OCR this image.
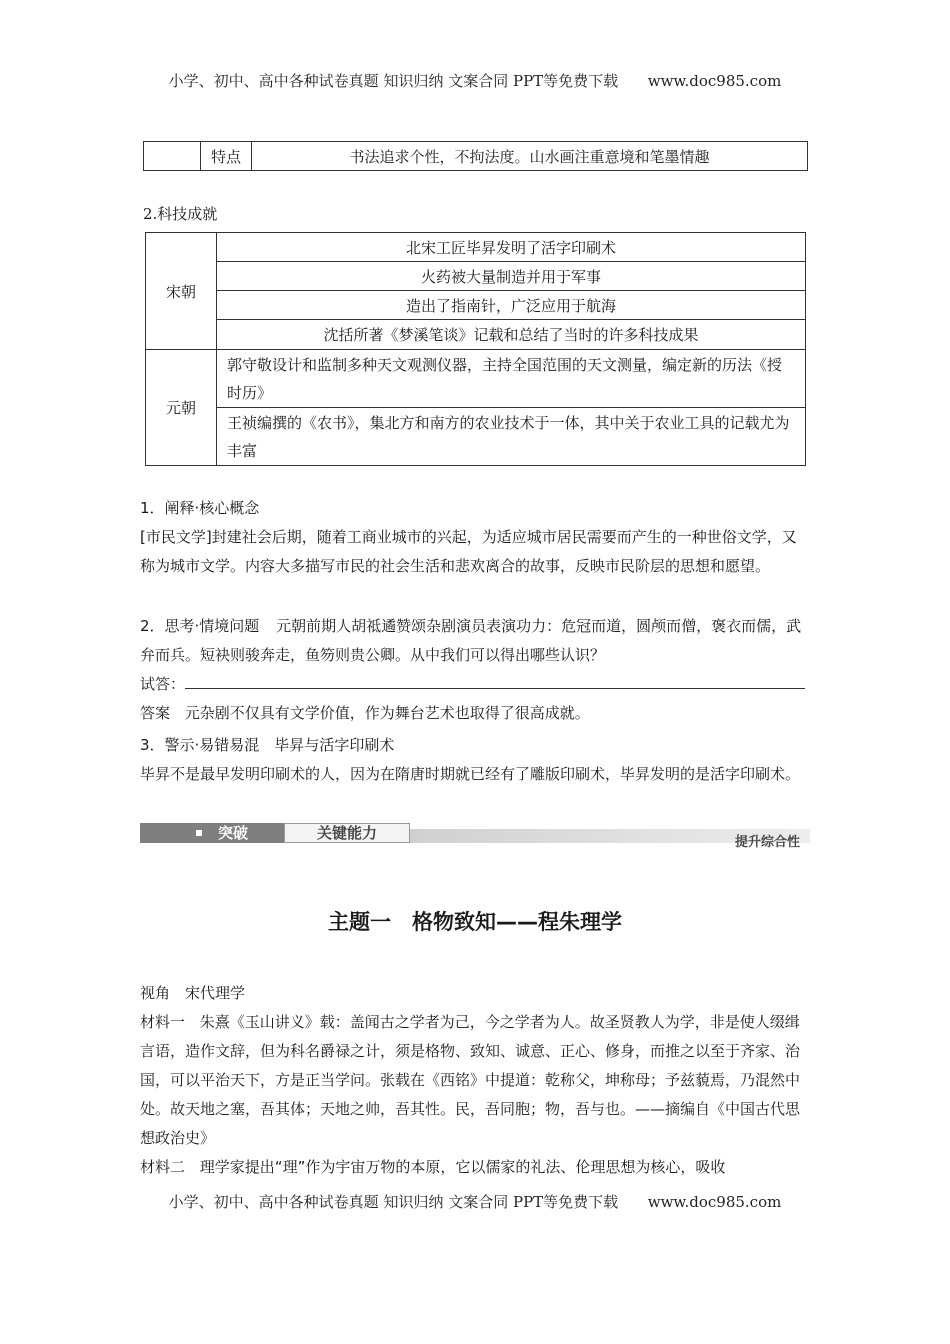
小学、初中、高中各种试卷真题 知识归纳 文案合同 PPT等免费下载 www.doc985.com
	特点	书法追求个性，不拘法度。山水画注重意境和笔墨情趣
2.科技成就
宋朝	北宋工匠毕昇发明了活字印刷术
	火药被大量制造并用于军事
	造出了指南针，广泛应用于航海
	沈括所著《梦溪笔谈》记载和总结了当时的许多科技成果
元朝	郭守敬设计和监制多种天文观测仪器，主持全国范围的天文测量，编定新的历法《授时历》
	王祯编撰的《农书》，集北方和南方的农业技术于一体，其中关于农业工具的记载尤为丰富
1．阐释·核心概念
[市民文学]封建社会后期，随着工商业城市的兴起，为适应城市居民需要而产生的一种世俗文学，又称为城市文学。内容大多描写市民的社会生活和悲欢离合的故事，反映市民阶层的思想和愿望。
2．思考·情境问题 元朝前期人胡祗遹赞颂杂剧演员表演功力：危冠而道，圆颅而僧，褒衣而儒，武弁而兵。短袂则骏奔走，鱼笏则贵公卿。从中我们可以得出哪些认识？
试答：
答案 元杂剧不仅具有文学价值，作为舞台艺术也取得了很高成就。
3．警示·易错易混　毕昇与活字印刷术
毕昇不是最早发明印刷术的人，因为在隋唐时期就已经有了雕版印刷术，毕昇发明的是活字印刷术。
突破	关键能力
提升综合性
主题一　格物致知——程朱理学
视角　宋代理学
材料一 朱熹《玉山讲义》载：盖闻古之学者为己，今之学者为人。故圣贤教人为学，非是使人缀缉言语，造作文辞，但为科名爵禄之计，须是格物、致知、诚意、正心、修身，而推之以至于齐家、治国，可以平治天下，方是正当学问。张载在《西铭》中提道：乾称父，坤称母；予兹藐焉，乃混然中处。故天地之塞，吾其体；天地之帅，吾其性。民，吾同胞；物，吾与也。——摘编自《中国古代思想政治史》
材料二 理学家提出“理”作为宇宙万物的本原，它以儒家的礼法、伦理思想为核心，吸收
小学、初中、高中各种试卷真题 知识归纳 文案合同 PPT等免费下载 www.doc985.com
